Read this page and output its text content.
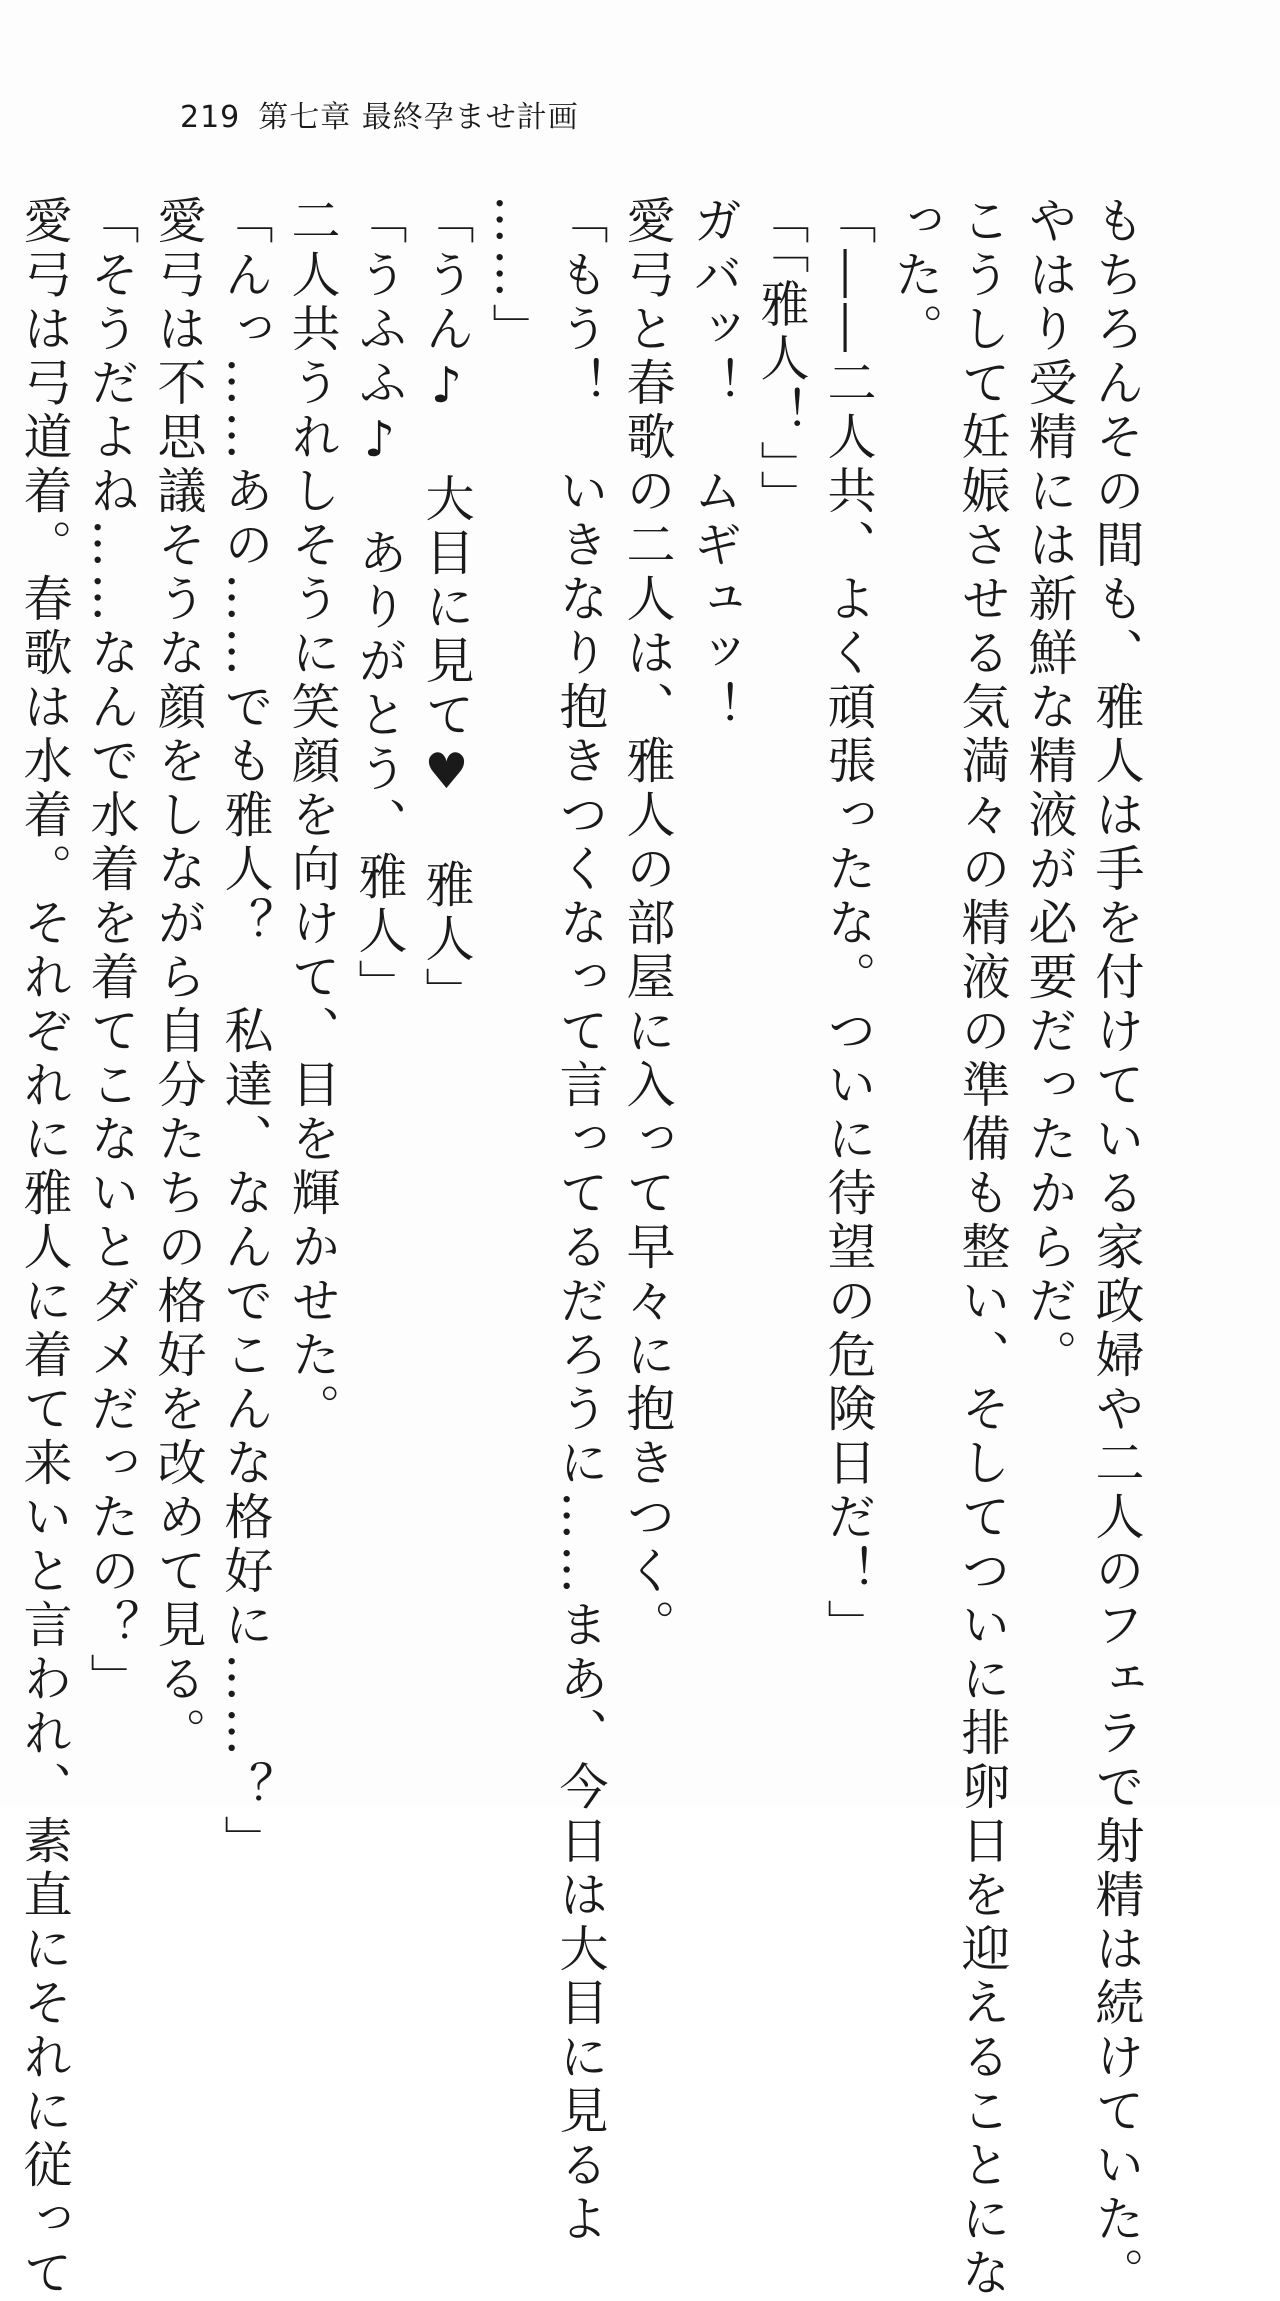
219 第七章 最終孕ませ計画

もちろんその間も、雅人は手を付けている家政婦や二人のフェラで射精は続けていた。

やはり受精には新鮮な精液が必要だったからだ。

こうして妊娠させる気満々の精液の準備も整い、そしてついに排卵日を迎えることにな

った。

「――二人共、よく頑張ったな。ついに待望の危険日だ！」

「「雅人！」」

ガバッ！　ムギュッ！

愛弓と春歌の二人は、雅人の部屋に入って早々に抱きつく。

「もう！　いきなり抱きつくなって言ってるだろうに……まあ、今日は大目に見るよ

……」

「うん♪　大目に見て♥　雅人」

「うふふ♪　ありがとう、雅人」

二人共うれしそうに笑顔を向けて、目を輝かせた。

「んっ……あの……でも雅人？　私達、なんでこんな格好に……？」

愛弓は不思議そうな顔をしながら自分たちの格好を改めて見る。

「そうだよね……なんで水着を着てこないとダメだったの？」

愛弓は弓道着。春歌は水着。それぞれに雅人に着て来いと言われ、素直にそれに従って
